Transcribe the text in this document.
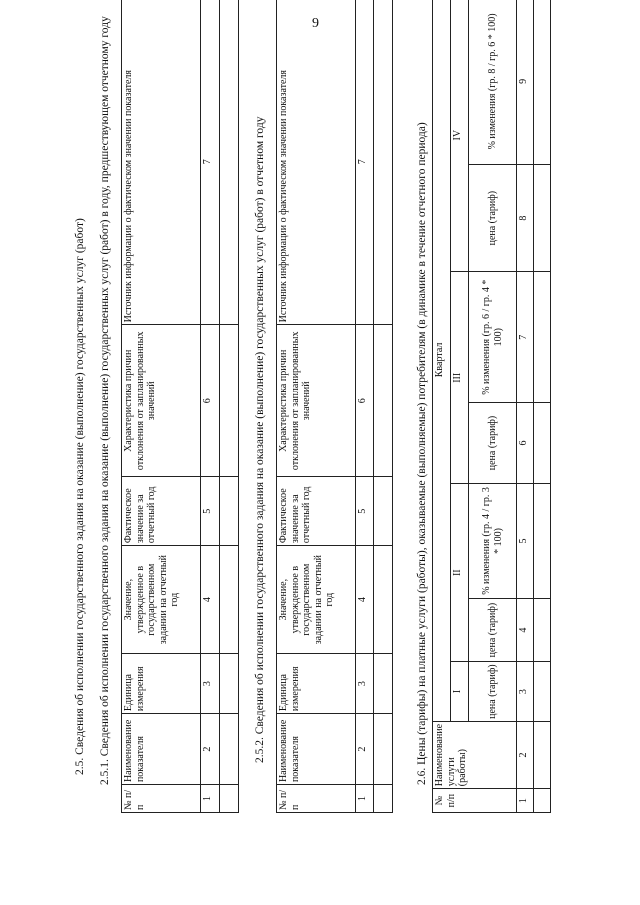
9
2.5. Сведения об исполнении государственного задания на оказание (выполнение) государственных услуг (работ) 2.5.1. Сведения об исполнении государственного задания на оказание (выполнение) государственных услуг (работ) в году, предшествующем отчетному году
№ п/п	Наименование показателя	Единица измерения	Значение, утвержденное в государственном задании на отчетный год	Фактическое значение за отчетный год	Характеристика причин отклонения от запланированных значений	Источник информации о фактическом значении показателя
1	2	3	4	5	6	7
							2.5.2. Сведения об исполнении государственного задания на оказание (выполнение) государственных услуг (работ) в отчетном году
№ п/п	Наименование показателя	Единица измерения	Значение, утвержденное в государственном задании на отчетный год	Фактическое значение за отчетный год	Характеристика причин отклонения от запланированных значений	Источник информации о фактическом значении показателя
1	2	3	4	5	6	7
							2.6. Цены (тарифы) на платные услуги (работы), оказываемые (выполняемые) потребителям (в динамике в течение отчетного периода)
№ п/п	Наименование услуги (работы)	Квартал						
		I	II		III		IV	
		цена (тариф)	цена (тариф)	% изменения (гр. 4 / гр. 3 * 100)	цена (тариф)	% изменения (гр. 6 / гр. 4 * 100)	цена (тариф)	% изменения (гр. 8 / гр. 6 * 100)
1	2	3	4	5	6	7	8	9
